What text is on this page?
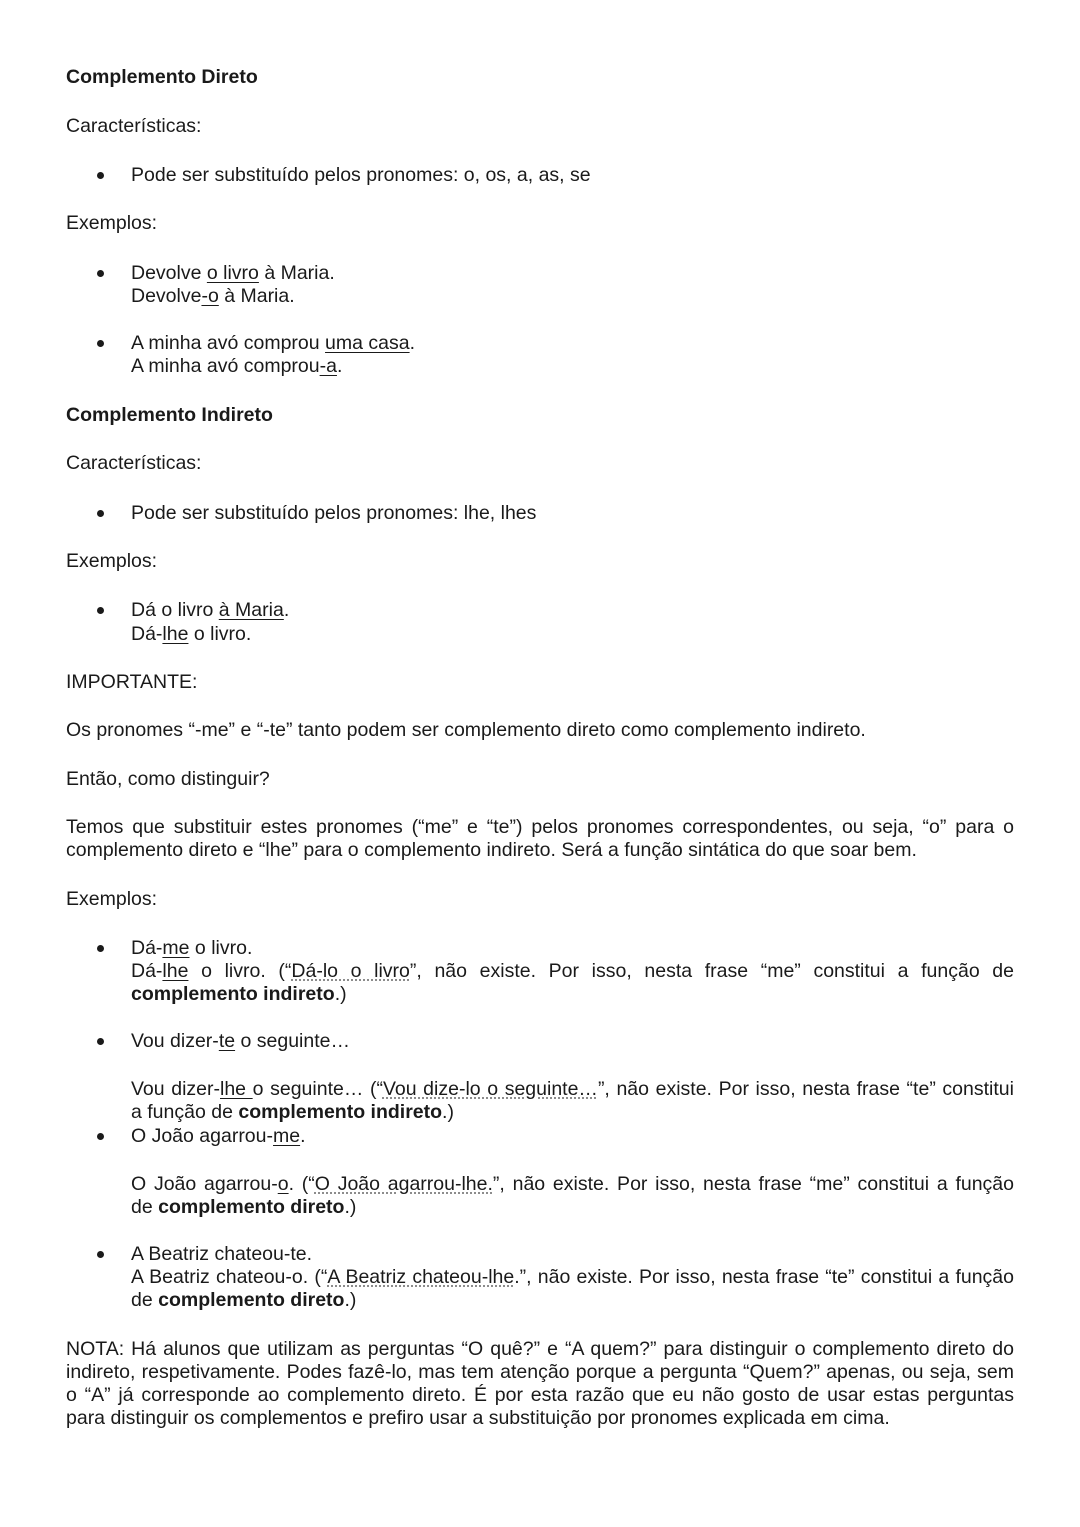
Complemento Direto
Características:
Pode ser substituído pelos pronomes: o, os, a, as, se
Exemplos:
Devolve o livro à Maria.
Devolve-o à Maria.
A minha avó comprou uma casa.
A minha avó comprou-a.
Complemento Indireto
Características:
Pode ser substituído pelos pronomes: lhe, lhes
Exemplos:
Dá o livro à Maria.
Dá-lhe o livro.
IMPORTANTE:
Os pronomes “-me” e “-te” tanto podem ser complemento direto como complemento indireto.
Então, como distinguir?
Temos que substituir estes pronomes (“me” e “te”) pelos pronomes correspondentes, ou seja, “o” para o
complemento direto e “lhe” para o complemento indireto. Será a função sintática do que soar bem.
Exemplos:
Dá-me o livro.
Dá-lhe o livro. (“Dá-lo o livro”, não existe. Por isso, nesta frase “me” constitui a função de
complemento indireto.)
Vou dizer-te o seguinte…
Vou dizer-lhe o seguinte… (“Vou dize-lo o seguinte…”, não existe. Por isso, nesta frase “te” constitui
a função de complemento indireto.)
O João agarrou-me.
O João agarrou-o. (“O João agarrou-lhe.”, não existe. Por isso, nesta frase “me” constitui a função
de complemento direto.)
A Beatriz chateou-te.
A Beatriz chateou-o. (“A Beatriz chateou-lhe.”, não existe. Por isso, nesta frase “te” constitui a função
de complemento direto.)
NOTA: Há alunos que utilizam as perguntas “O quê?” e “A quem?” para distinguir o complemento direto do
indireto, respetivamente. Podes fazê-lo, mas tem atenção porque a pergunta “Quem?” apenas, ou seja, sem
o “A” já corresponde ao complemento direto. É por esta razão que eu não gosto de usar estas perguntas
para distinguir os complementos e prefiro usar a substituição por pronomes explicada em cima.
